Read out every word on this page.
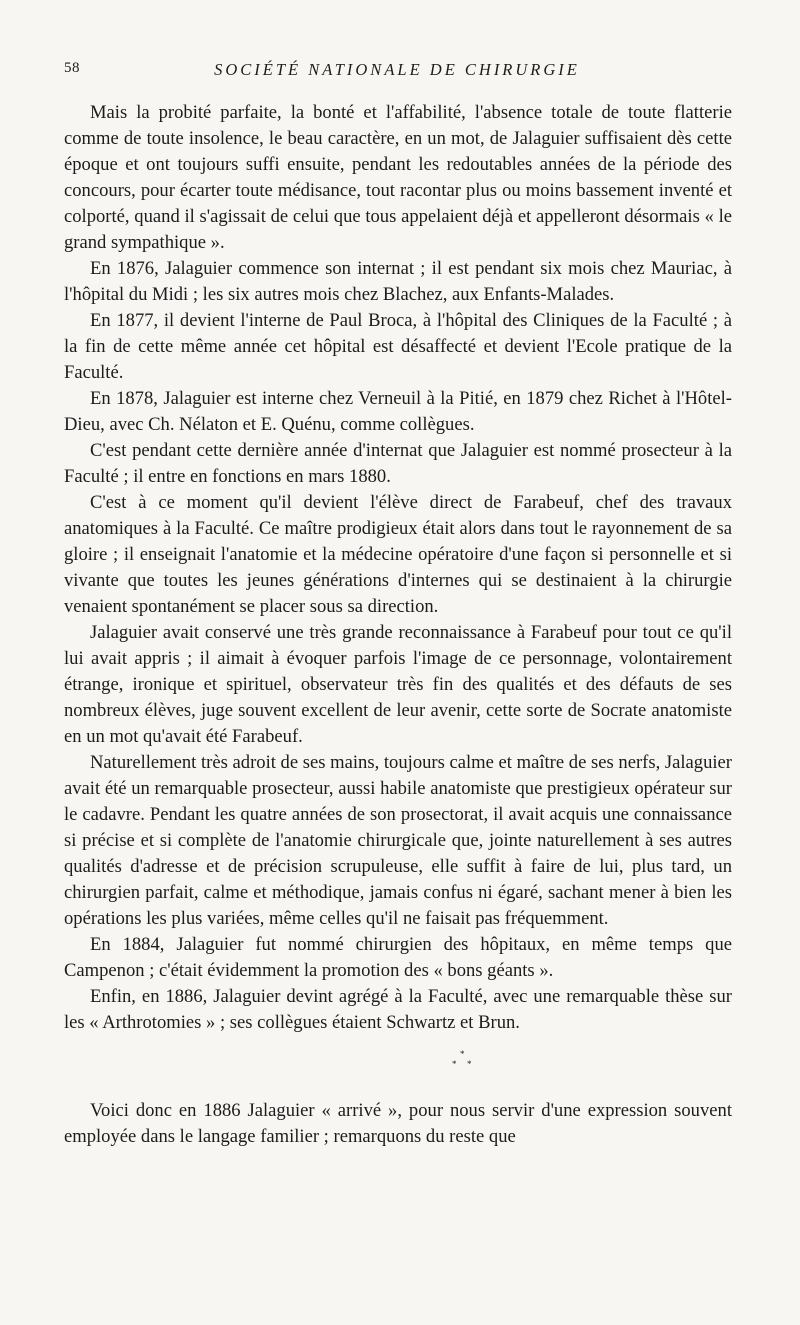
58	SOCIÉTÉ NATIONALE DE CHIRURGIE

Mais la probité parfaite, la bonté et l'affabilité, l'absence totale de toute flatterie comme de toute insolence, le beau caractère, en un mot, de Jalaguier suffisaient dès cette époque et ont toujours suffi ensuite, pendant les redoutables années de la période des concours, pour écarter toute médisance, tout racontar plus ou moins bassement inventé et colporté, quand il s'agissait de celui que tous appelaient déjà et appelleront désormais « le grand sympathique ».

En 1876, Jalaguier commence son internat ; il est pendant six mois chez Mauriac, à l'hôpital du Midi ; les six autres mois chez Blachez, aux Enfants-Malades.

En 1877, il devient l'interne de Paul Broca, à l'hôpital des Cliniques de la Faculté ; à la fin de cette même année cet hôpital est désaffecté et devient l'Ecole pratique de la Faculté.

En 1878, Jalaguier est interne chez Verneuil à la Pitié, en 1879 chez Richet à l'Hôtel-Dieu, avec Ch. Nélaton et E. Quénu, comme collègues.

C'est pendant cette dernière année d'internat que Jalaguier est nommé prosecteur à la Faculté ; il entre en fonctions en mars 1880.

C'est à ce moment qu'il devient l'élève direct de Farabeuf, chef des travaux anatomiques à la Faculté. Ce maître prodigieux était alors dans tout le rayonnement de sa gloire ; il enseignait l'anatomie et la médecine opératoire d'une façon si personnelle et si vivante que toutes les jeunes générations d'internes qui se destinaient à la chirurgie venaient spontanément se placer sous sa direction.

Jalaguier avait conservé une très grande reconnaissance à Farabeuf pour tout ce qu'il lui avait appris ; il aimait à évoquer parfois l'image de ce personnage, volontairement étrange, ironique et spirituel, observateur très fin des qualités et des défauts de ses nombreux élèves, juge souvent excellent de leur avenir, cette sorte de Socrate anatomiste en un mot qu'avait été Farabeuf.

Naturellement très adroit de ses mains, toujours calme et maître de ses nerfs, Jalaguier avait été un remarquable prosecteur, aussi habile anatomiste que prestigieux opérateur sur le cadavre. Pendant les quatre années de son prosectorat, il avait acquis une connaissance si précise et si complète de l'anatomie chirurgicale que, jointe naturellement à ses autres qualités d'adresse et de précision scrupuleuse, elle suffit à faire de lui, plus tard, un chirurgien parfait, calme et méthodique, jamais confus ni égaré, sachant mener à bien les opérations les plus variées, même celles qu'il ne faisait pas fréquemment.

En 1884, Jalaguier fut nommé chirurgien des hôpitaux, en même temps que Campenon ; c'était évidemment la promotion des « bons géants ».

Enfin, en 1886, Jalaguier devint agrégé à la Faculté, avec une remarquable thèse sur les « Arthrotomies » ; ses collègues étaient Schwartz et Brun.

*
* *

Voici donc en 1886 Jalaguier « arrivé », pour nous servir d'une expression souvent employée dans le langage familier ; remarquons du reste que
